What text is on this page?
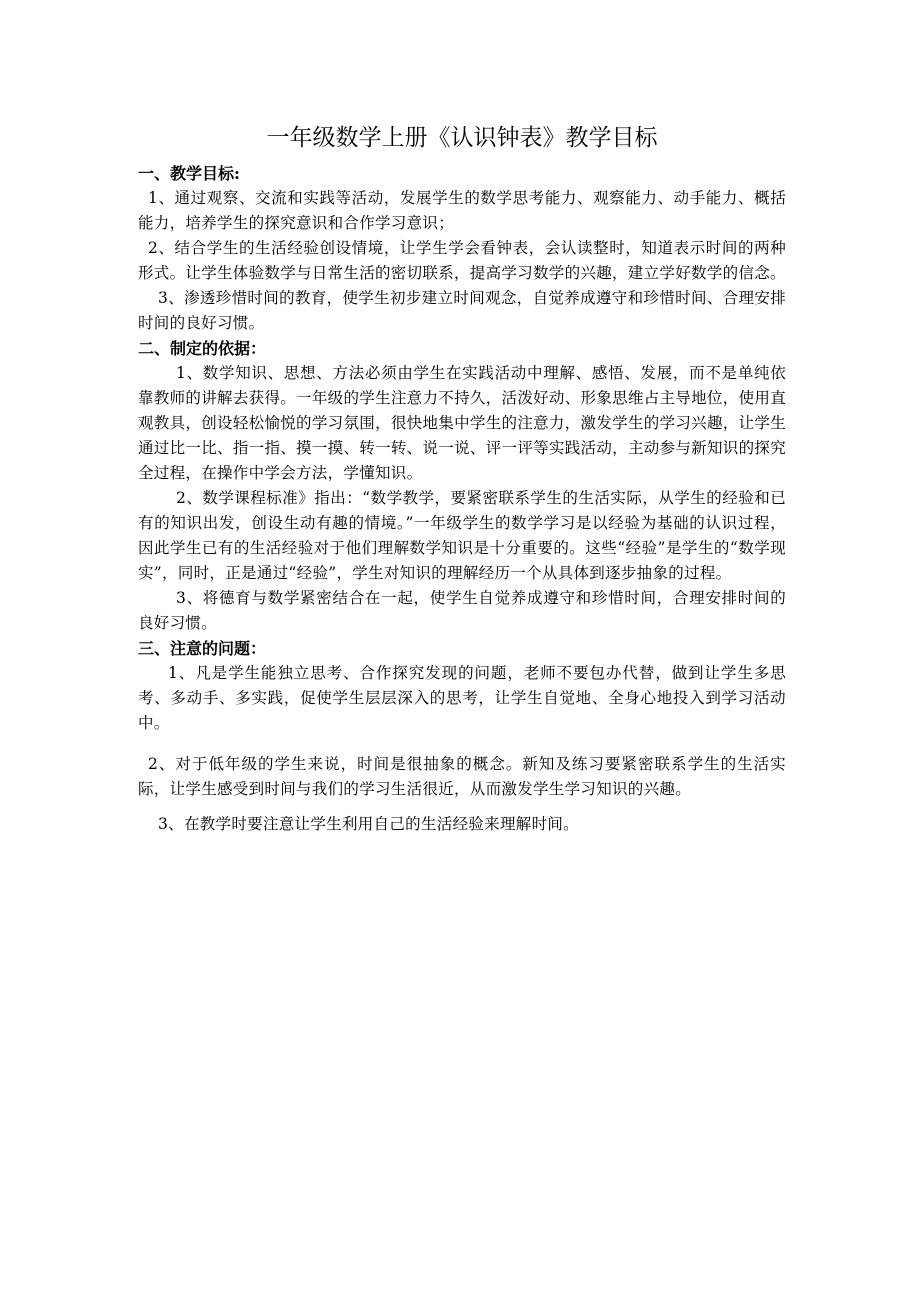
一年级数学上册《认识钟表》教学目标

一、教学目标:

1、通过观察、交流和实践等活动，发展学生的数学思考能力、观察能力、动手能力、概括能力，培养学生的探究意识和合作学习意识；

2、结合学生的生活经验创设情境，让学生学会看钟表，会认读整时，知道表示时间的两种形式。让学生体验数学与日常生活的密切联系，提高学习数学的兴趣，建立学好数学的信念。

3、渗透珍惜时间的教育，使学生初步建立时间观念，自觉养成遵守和珍惜时间、合理安排时间的良好习惯。

二、制定的依据：

1、数学知识、思想、方法必须由学生在实践活动中理解、感悟、发展，而不是单纯依靠教师的讲解去获得。一年级的学生注意力不持久，活泼好动、形象思维占主导地位，使用直观教具，创设轻松愉悦的学习氛围，很快地集中学生的注意力，激发学生的学习兴趣，让学生通过比一比、指一指、摸一摸、转一转、说一说、评一评等实践活动，主动参与新知识的探究全过程，在操作中学会方法，学懂知识。

2、数学课程标准》指出：“数学教学，要紧密联系学生的生活实际，从学生的经验和已有的知识出发，创设生动有趣的情境。”一年级学生的数学学习是以经验为基础的认识过程，因此学生已有的生活经验对于他们理解数学知识是十分重要的。这些“经验”是学生的“数学现实”，同时，正是通过“经验”，学生对知识的理解经历一个从具体到逐步抽象的过程。

3、将德育与数学紧密结合在一起，使学生自觉养成遵守和珍惜时间，合理安排时间的良好习惯。

三、注意的问题：

1、凡是学生能独立思考、合作探究发现的问题，老师不要包办代替，做到让学生多思考、多动手、多实践，促使学生层层深入的思考，让学生自觉地、全身心地投入到学习活动中。

2、对于低年级的学生来说，时间是很抽象的概念。新知及练习要紧密联系学生的生活实际，让学生感受到时间与我们的学习生活很近，从而激发学生学习知识的兴趣。

3、在教学时要注意让学生利用自己的生活经验来理解时间。
